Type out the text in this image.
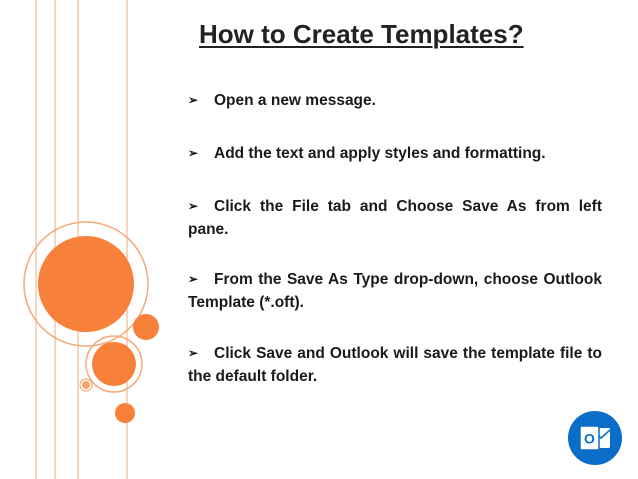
How to Create Templates?
➢ Open a new message.
➢ Add the text and apply styles and formatting.
➢ Click the File tab and Choose Save As from left pane.
➢ From the Save As Type drop-down, choose Outlook Template (*.oft).
➢ Click Save and Outlook will save the template file to the default folder.
O
